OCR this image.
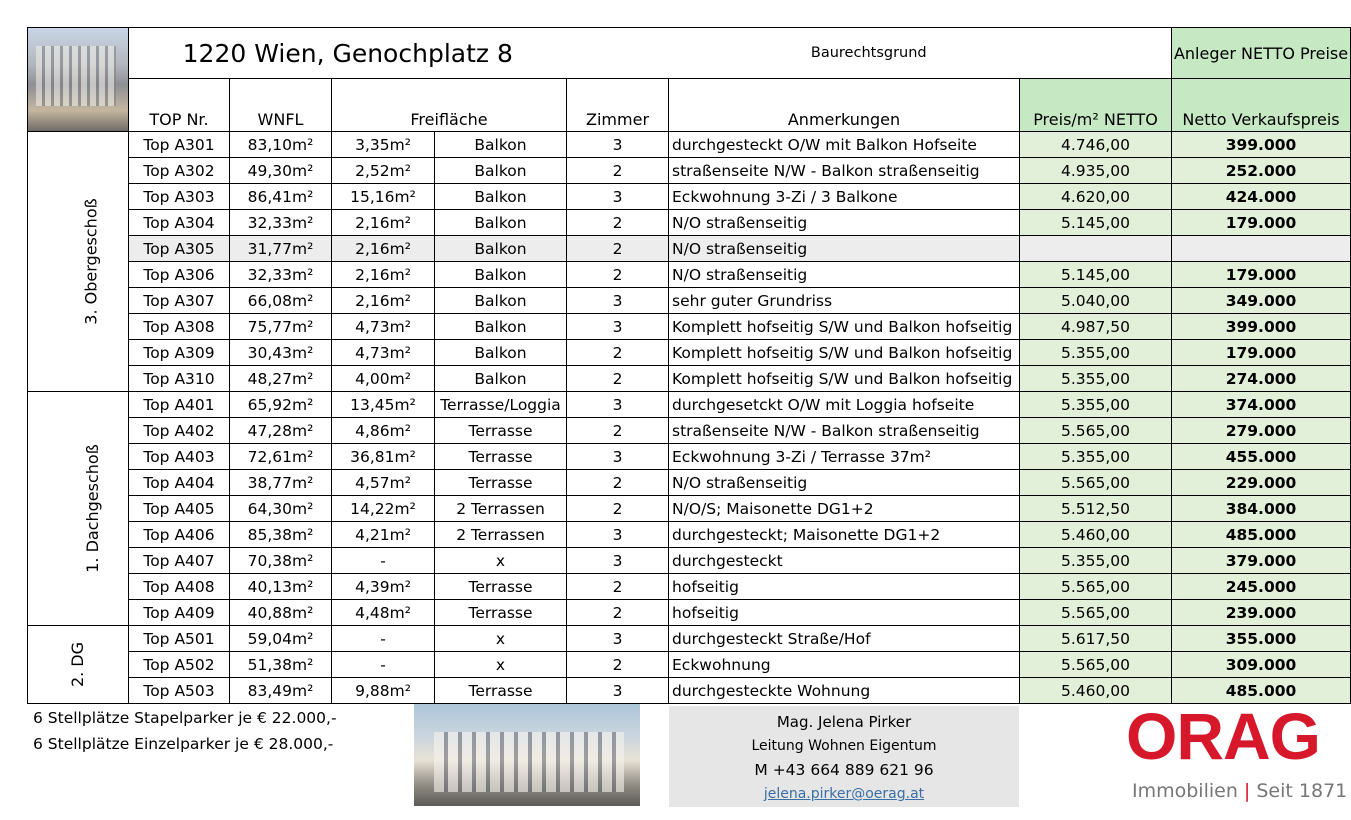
	1220 Wien, Genochplatz 8				Baurechtsgrund			Anleger NETTO Preise
	TOP Nr.	WNFL	Freifläche		Zimmer	Anmerkungen	Preis/m² NETTO	Netto Verkaufspreis
3. Obergeschoß	Top A301	83,10m²	3,35m²	Balkon	3	durchgesteckt O/W mit Balkon Hofseite	4.746,00	399.000
	Top A302	49,30m²	2,52m²	Balkon	2	straßenseite N/W - Balkon straßenseitig	4.935,00	252.000
	Top A303	86,41m²	15,16m²	Balkon	3	Eckwohnung 3-Zi / 3 Balkone	4.620,00	424.000
	Top A304	32,33m²	2,16m²	Balkon	2	N/O straßenseitig	5.145,00	179.000
	Top A305	31,77m²	2,16m²	Balkon	2	N/O straßenseitig		
	Top A306	32,33m²	2,16m²	Balkon	2	N/O straßenseitig	5.145,00	179.000
	Top A307	66,08m²	2,16m²	Balkon	3	sehr guter Grundriss	5.040,00	349.000
	Top A308	75,77m²	4,73m²	Balkon	3	Komplett hofseitig S/W und Balkon hofseitig	4.987,50	399.000
	Top A309	30,43m²	4,73m²	Balkon	2	Komplett hofseitig S/W und Balkon hofseitig	5.355,00	179.000
	Top A310	48,27m²	4,00m²	Balkon	2	Komplett hofseitig S/W und Balkon hofseitig	5.355,00	274.000
1. Dachgeschoß	Top A401	65,92m²	13,45m²	Terrasse/Loggia	3	durchgesetckt O/W mit Loggia hofseite	5.355,00	374.000
	Top A402	47,28m²	4,86m²	Terrasse	2	straßenseite N/W - Balkon straßenseitig	5.565,00	279.000
	Top A403	72,61m²	36,81m²	Terrasse	3	Eckwohnung 3-Zi / Terrasse 37m²	5.355,00	455.000
	Top A404	38,77m²	4,57m²	Terrasse	2	N/O straßenseitig	5.565,00	229.000
	Top A405	64,30m²	14,22m²	2 Terrassen	2	N/O/S; Maisonette DG1+2	5.512,50	384.000
	Top A406	85,38m²	4,21m²	2 Terrassen	3	durchgesteckt; Maisonette DG1+2	5.460,00	485.000
	Top A407	70,38m²	-	x	3	durchgesteckt	5.355,00	379.000
	Top A408	40,13m²	4,39m²	Terrasse	2	hofseitig	5.565,00	245.000
	Top A409	40,88m²	4,48m²	Terrasse	2	hofseitig	5.565,00	239.000
2. DG	Top A501	59,04m²	-	x	3	durchgesteckt Straße/Hof	5.617,50	355.000
	Top A502	51,38m²	-	x	2	Eckwohnung	5.565,00	309.000
	Top A503	83,49m²	9,88m²	Terrasse	3	durchgesteckte Wohnung	5.460,00	485.000
6 Stellplätze Stapelparker je € 22.000,-
6 Stellplätze Einzelparker je € 28.000,-
Mag. Jelena Pirker
Leitung Wohnen Eigentum
M +43 664 889 621 96
jelena.pirker@oerag.at
ORAG
Immobilien | Seit 1871
